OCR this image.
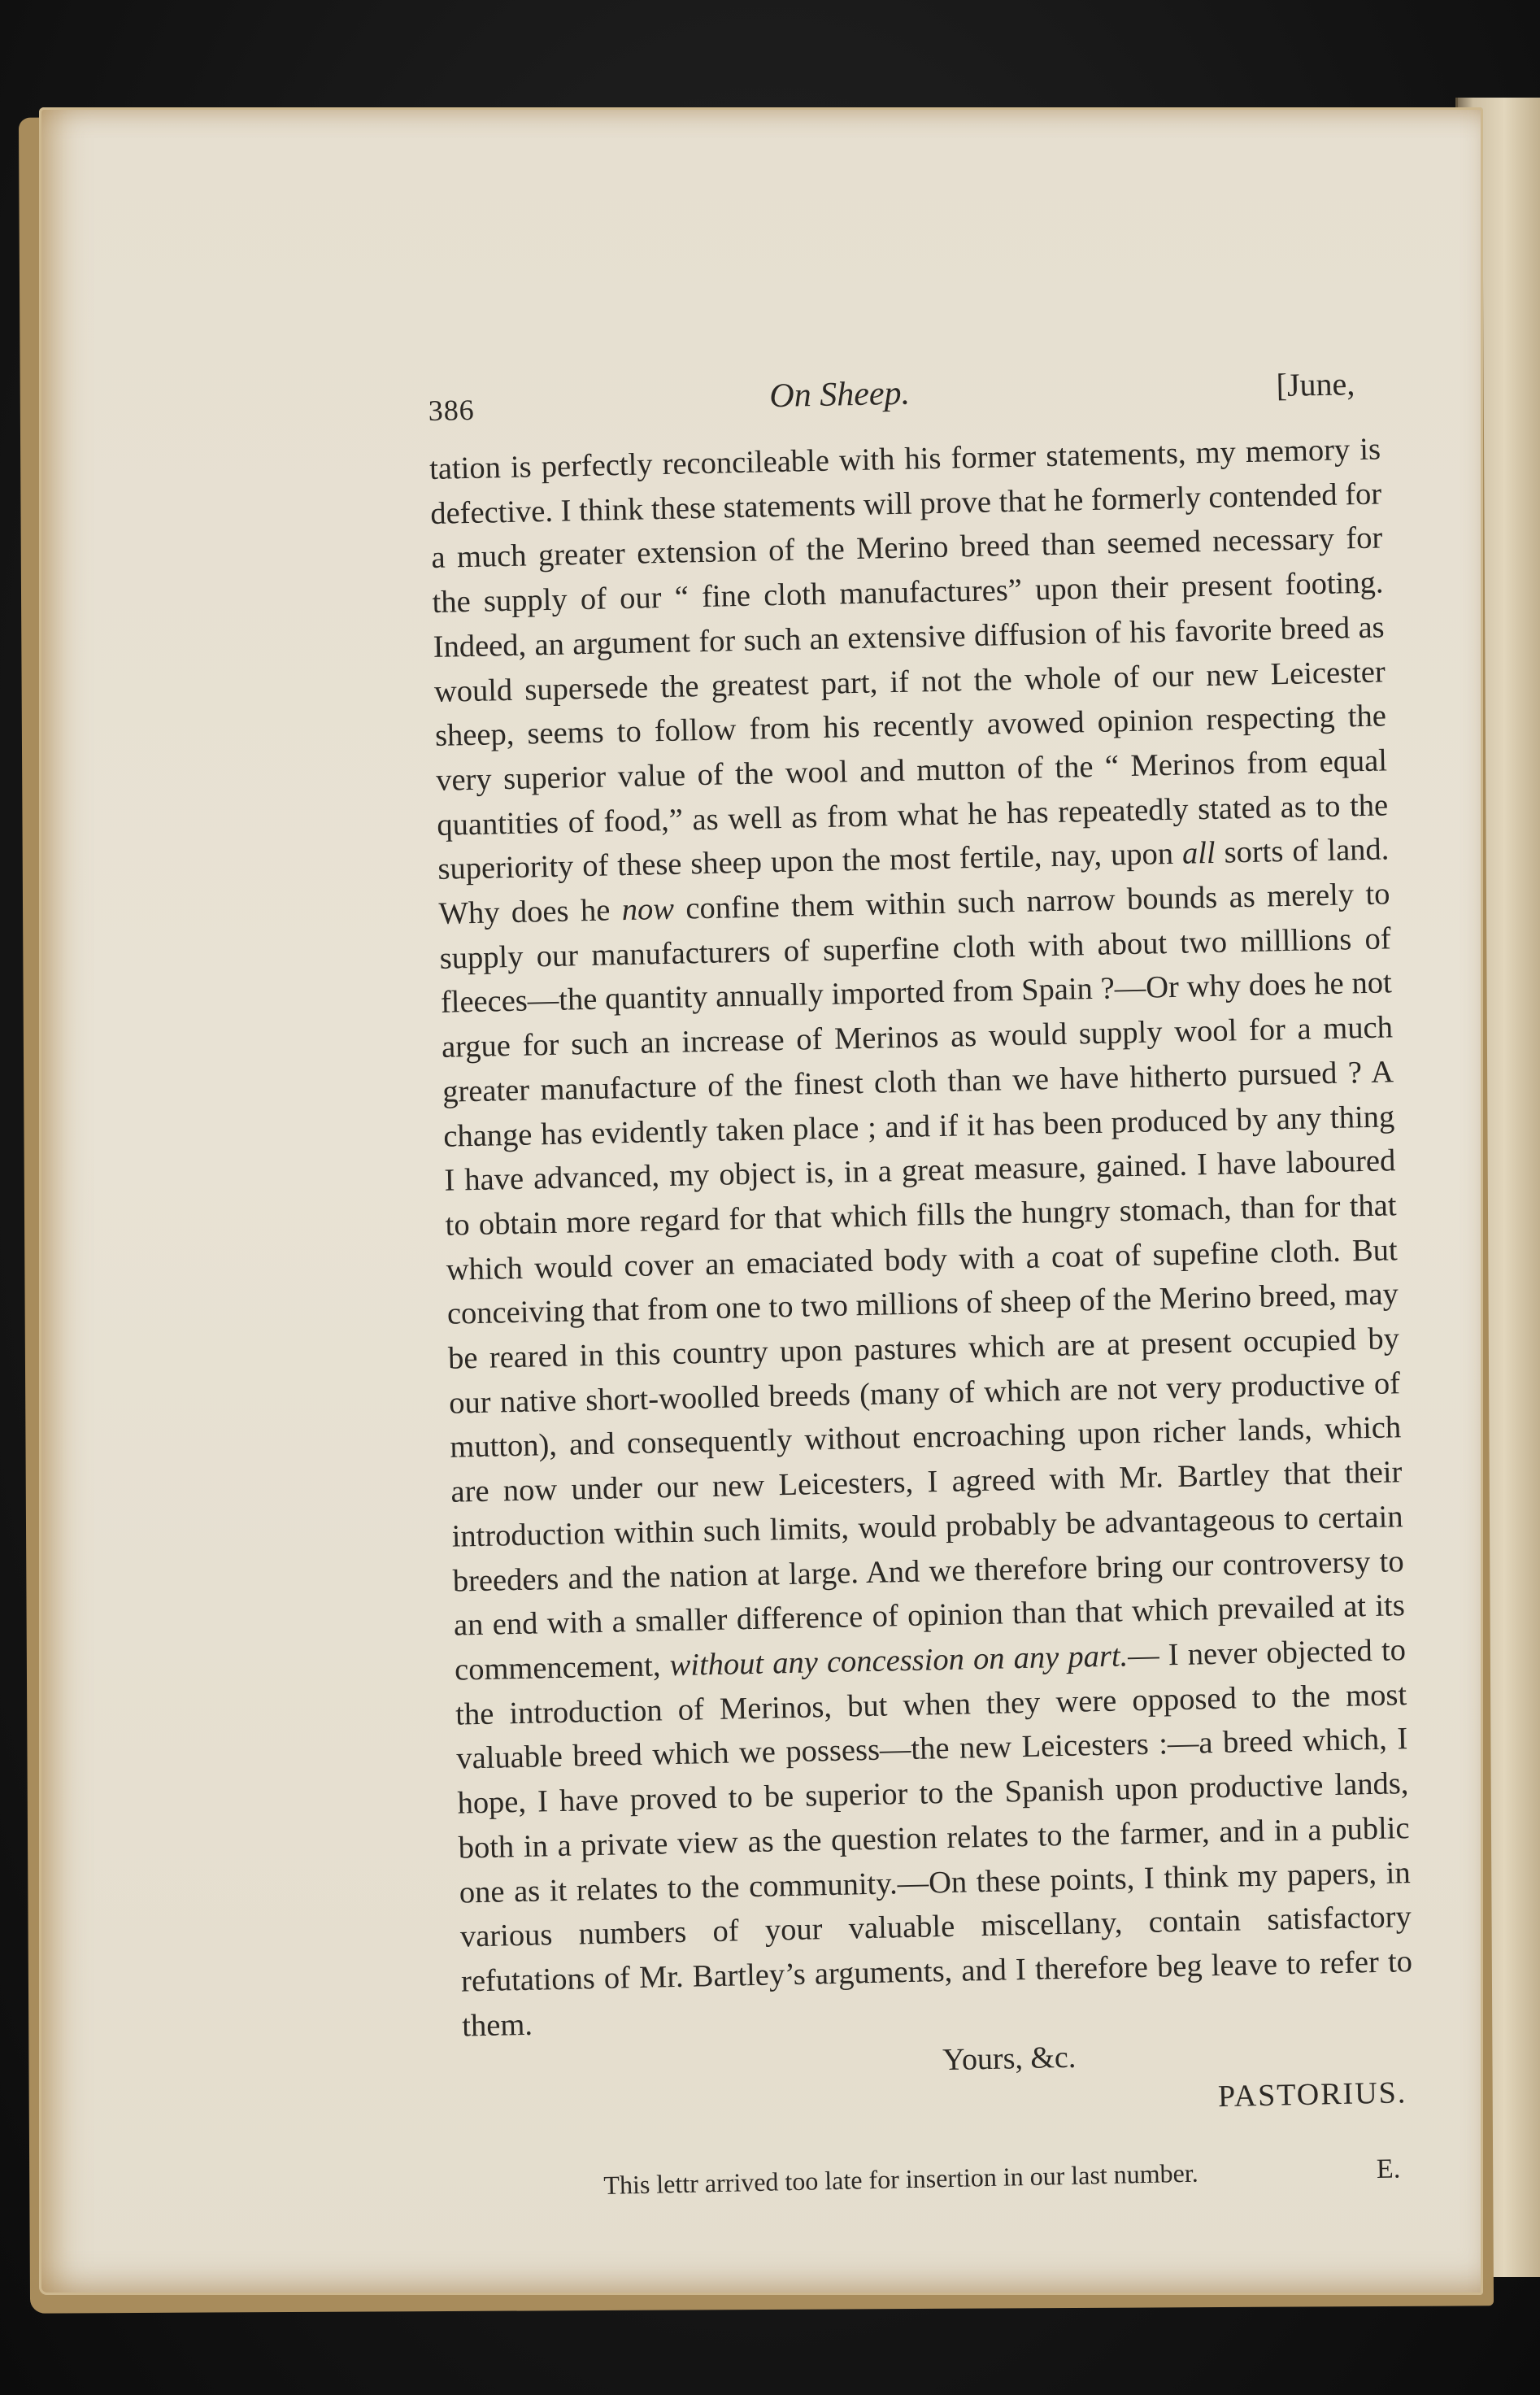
386	On Sheep.	[June,

tation is perfectly reconcileable with his former statements, my memory is defective. I think these statements will prove that he formerly contended for a much greater extension of the Merino breed than seemed necessary for the supply of our “ fine cloth manufactures” upon their present footing. Indeed, an argument for such an extensive diffusion of his favorite breed as would supersede the greatest part, if not the whole of our new Leicester sheep, seems to follow from his recently avowed opinion respecting the very superior value of the wool and mutton of the “ Merinos from equal quantities of food,” as well as from what he has repeatedly stated as to the superiority of these sheep upon the most fertile, nay, upon all sorts of land. Why does he now confine them within such narrow bounds as merely to supply our manufacturers of superfine cloth with about two milllions of fleeces—the quantity annually imported from Spain ?—Or why does he not argue for such an increase of Merinos as would supply wool for a much greater manufacture of the finest cloth than we have hitherto pursued ? A change has evidently taken place ; and if it has been produced by any thing I have advanced, my object is, in a great measure, gained. I have laboured to obtain more regard for that which fills the hungry stomach, than for that which would cover an emaciated body with a coat of supefine cloth. But conceiving that from one to two millions of sheep of the Merino breed, may be reared in this country upon pastures which are at present occupied by our native short-woolled breeds (many of which are not very productive of mutton), and consequently without encroaching upon richer lands, which are now under our new Leicesters, I agreed with Mr. Bartley that their introduction within such limits, would probably be advantageous to certain breeders and the nation at large. And we therefore bring our controversy to an end with a smaller difference of opinion than that which prevailed at its commencement, without any concession on any part.— I never objected to the introduction of Merinos, but when they were opposed to the most valuable breed which we possess—the new Leicesters :—a breed which, I hope, I have proved to be superior to the Spanish upon productive lands, both in a private view as the question relates to the farmer, and in a public one as it relates to the community.—On these points, I think my papers, in various numbers of your valuable miscellany, contain satisfactory refutations of Mr. Bartley’s arguments, and I therefore beg leave to refer to them.

Yours, &c.
PASTORIUS.
This lettr arrived too late for insertion in our last number.	E.
